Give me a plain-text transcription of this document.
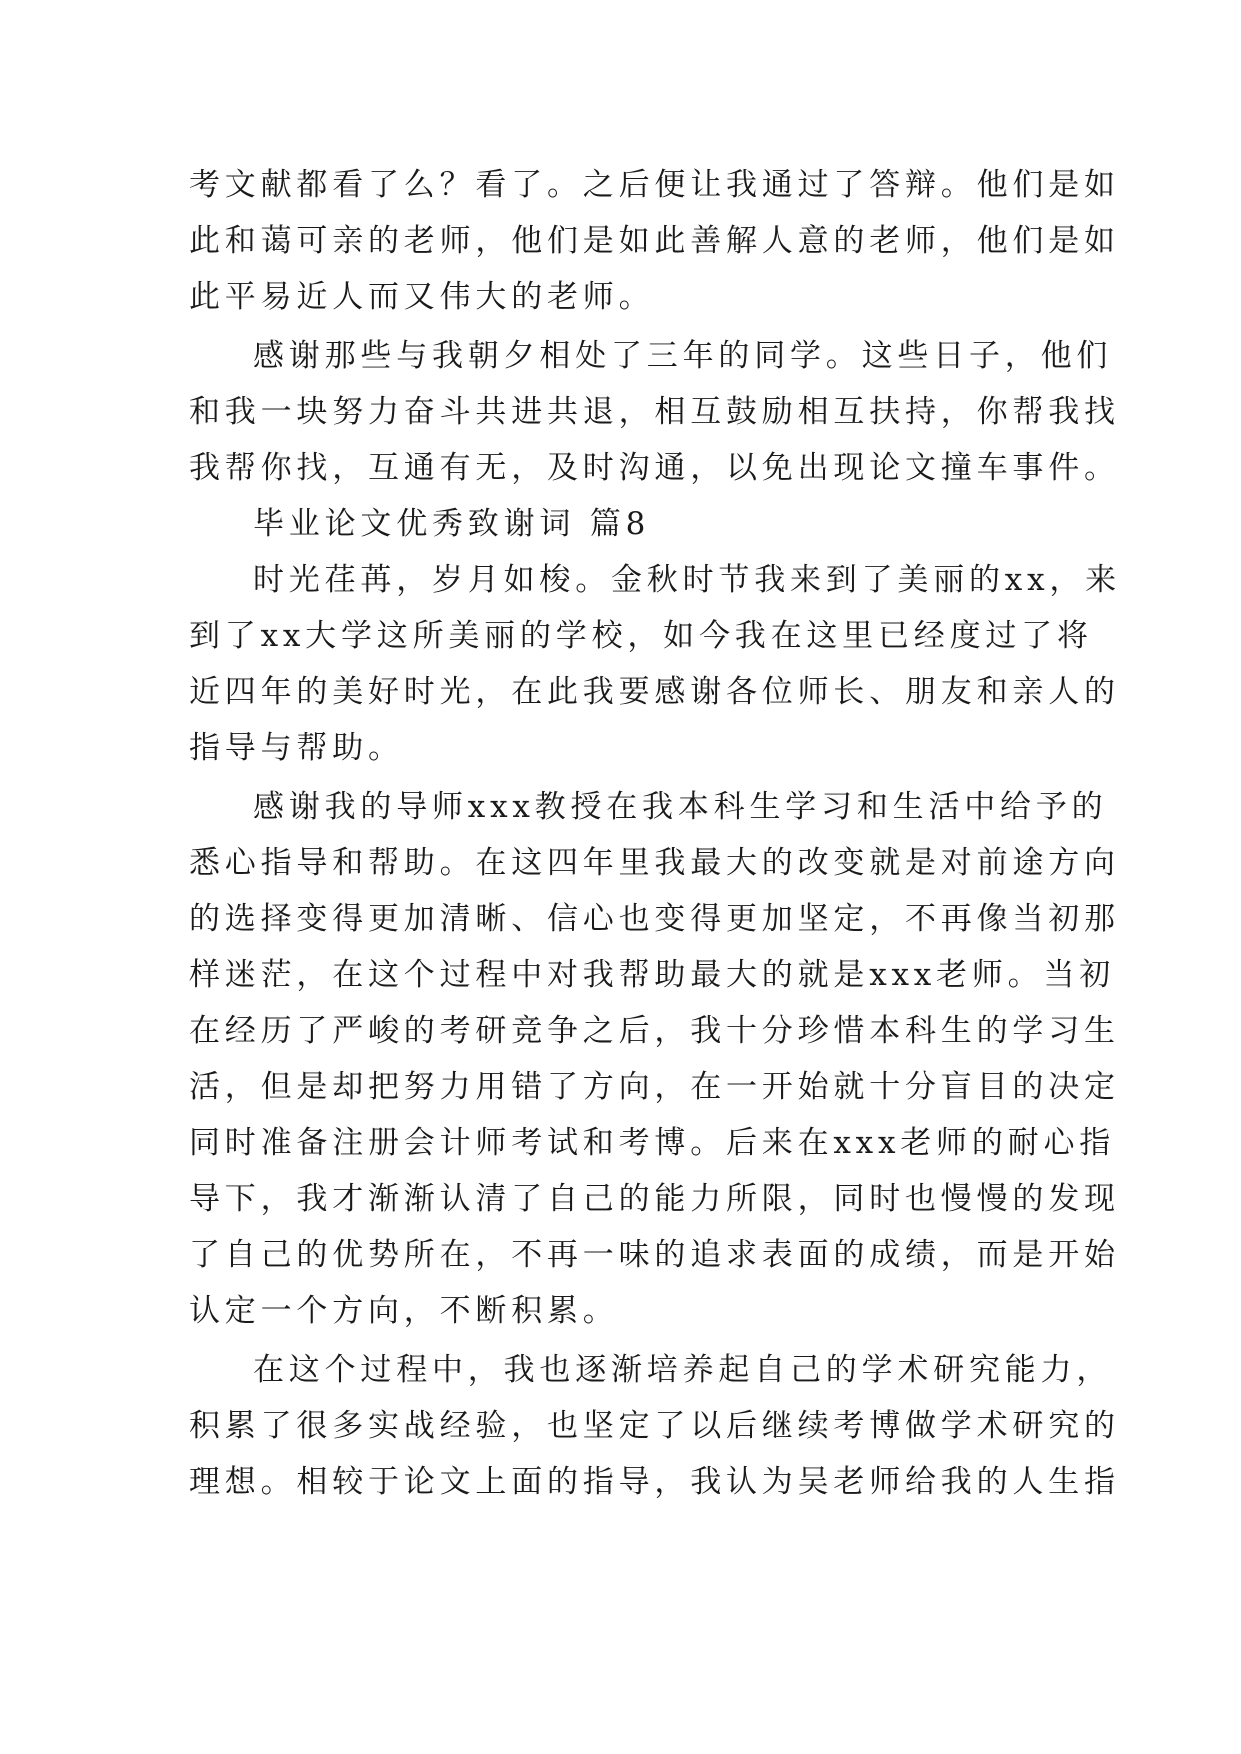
考文献都看了么？看了。之后便让我通过了答辩。他们是如
此和蔼可亲的老师，他们是如此善解人意的老师，他们是如
此平易近人而又伟大的老师。
感谢那些与我朝夕相处了三年的同学。这些日子，他们
和我一块努力奋斗共进共退，相互鼓励相互扶持，你帮我找
我帮你找，互通有无，及时沟通，以免出现论文撞车事件。
毕业论文优秀致谢词 篇8
时光荏苒，岁月如梭。金秋时节我来到了美丽的xx，来
到了xx大学这所美丽的学校，如今我在这里已经度过了将
近四年的美好时光，在此我要感谢各位师长、朋友和亲人的
指导与帮助。
感谢我的导师xxx教授在我本科生学习和生活中给予的
悉心指导和帮助。在这四年里我最大的改变就是对前途方向
的选择变得更加清晰、信心也变得更加坚定，不再像当初那
样迷茫，在这个过程中对我帮助最大的就是xxx老师。当初
在经历了严峻的考研竞争之后，我十分珍惜本科生的学习生
活，但是却把努力用错了方向，在一开始就十分盲目的决定
同时准备注册会计师考试和考博。后来在xxx老师的耐心指
导下，我才渐渐认清了自己的能力所限，同时也慢慢的发现
了自己的优势所在，不再一味的追求表面的成绩，而是开始
认定一个方向，不断积累。
在这个过程中，我也逐渐培养起自己的学术研究能力，
积累了很多实战经验，也坚定了以后继续考博做学术研究的
理想。相较于论文上面的指导，我认为吴老师给我的人生指
